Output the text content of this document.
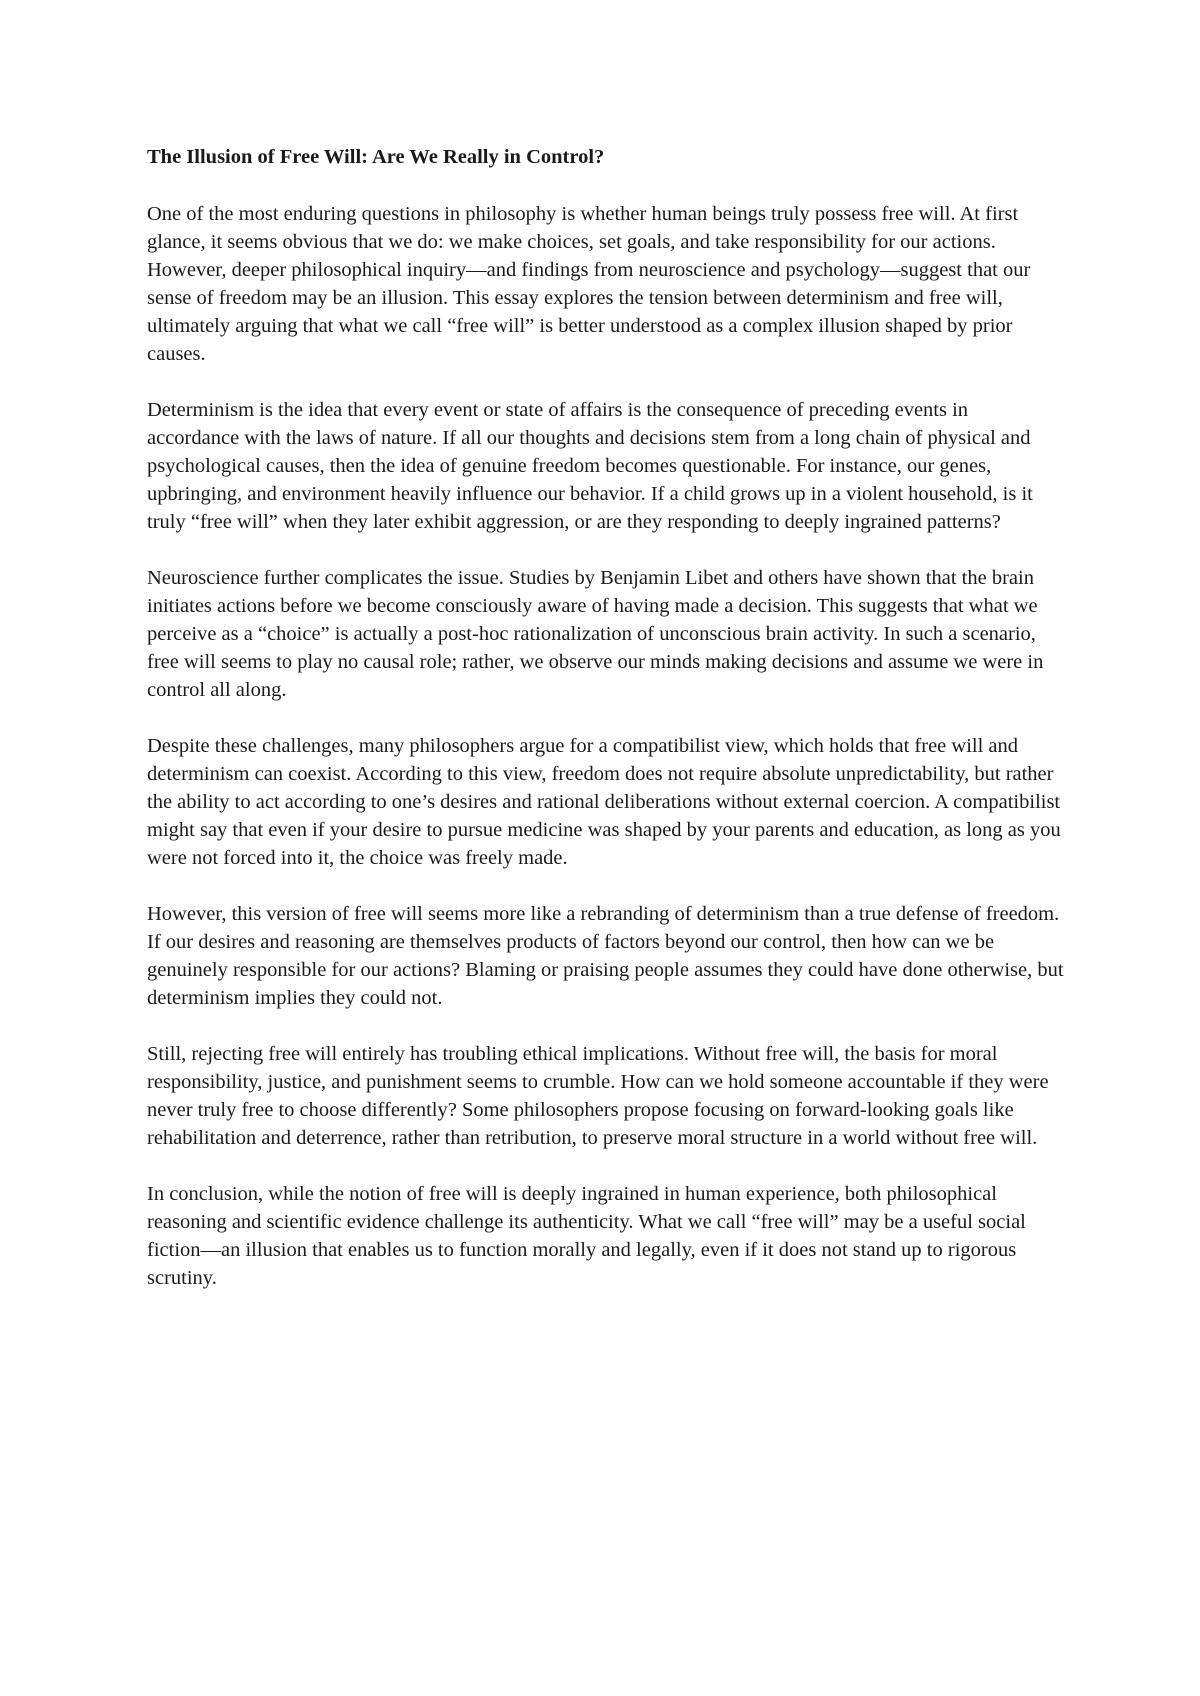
The Illusion of Free Will: Are We Really in Control?

One of the most enduring questions in philosophy is whether human beings truly possess free will. At first glance, it seems obvious that we do: we make choices, set goals, and take responsibility for our actions. However, deeper philosophical inquiry—and findings from neuroscience and psychology—suggest that our sense of freedom may be an illusion. This essay explores the tension between determinism and free will, ultimately arguing that what we call “free will” is better understood as a complex illusion shaped by prior causes.

Determinism is the idea that every event or state of affairs is the consequence of preceding events in accordance with the laws of nature. If all our thoughts and decisions stem from a long chain of physical and psychological causes, then the idea of genuine freedom becomes questionable. For instance, our genes, upbringing, and environment heavily influence our behavior. If a child grows up in a violent household, is it truly “free will” when they later exhibit aggression, or are they responding to deeply ingrained patterns?

Neuroscience further complicates the issue. Studies by Benjamin Libet and others have shown that the brain initiates actions before we become consciously aware of having made a decision. This suggests that what we perceive as a “choice” is actually a post-hoc rationalization of unconscious brain activity. In such a scenario, free will seems to play no causal role; rather, we observe our minds making decisions and assume we were in control all along.

Despite these challenges, many philosophers argue for a compatibilist view, which holds that free will and determinism can coexist. According to this view, freedom does not require absolute unpredictability, but rather the ability to act according to one’s desires and rational deliberations without external coercion. A compatibilist might say that even if your desire to pursue medicine was shaped by your parents and education, as long as you were not forced into it, the choice was freely made.

However, this version of free will seems more like a rebranding of determinism than a true defense of freedom. If our desires and reasoning are themselves products of factors beyond our control, then how can we be genuinely responsible for our actions? Blaming or praising people assumes they could have done otherwise, but determinism implies they could not.

Still, rejecting free will entirely has troubling ethical implications. Without free will, the basis for moral responsibility, justice, and punishment seems to crumble. How can we hold someone accountable if they were never truly free to choose differently? Some philosophers propose focusing on forward-looking goals like rehabilitation and deterrence, rather than retribution, to preserve moral structure in a world without free will.

In conclusion, while the notion of free will is deeply ingrained in human experience, both philosophical reasoning and scientific evidence challenge its authenticity. What we call “free will” may be a useful social fiction—an illusion that enables us to function morally and legally, even if it does not stand up to rigorous scrutiny.
